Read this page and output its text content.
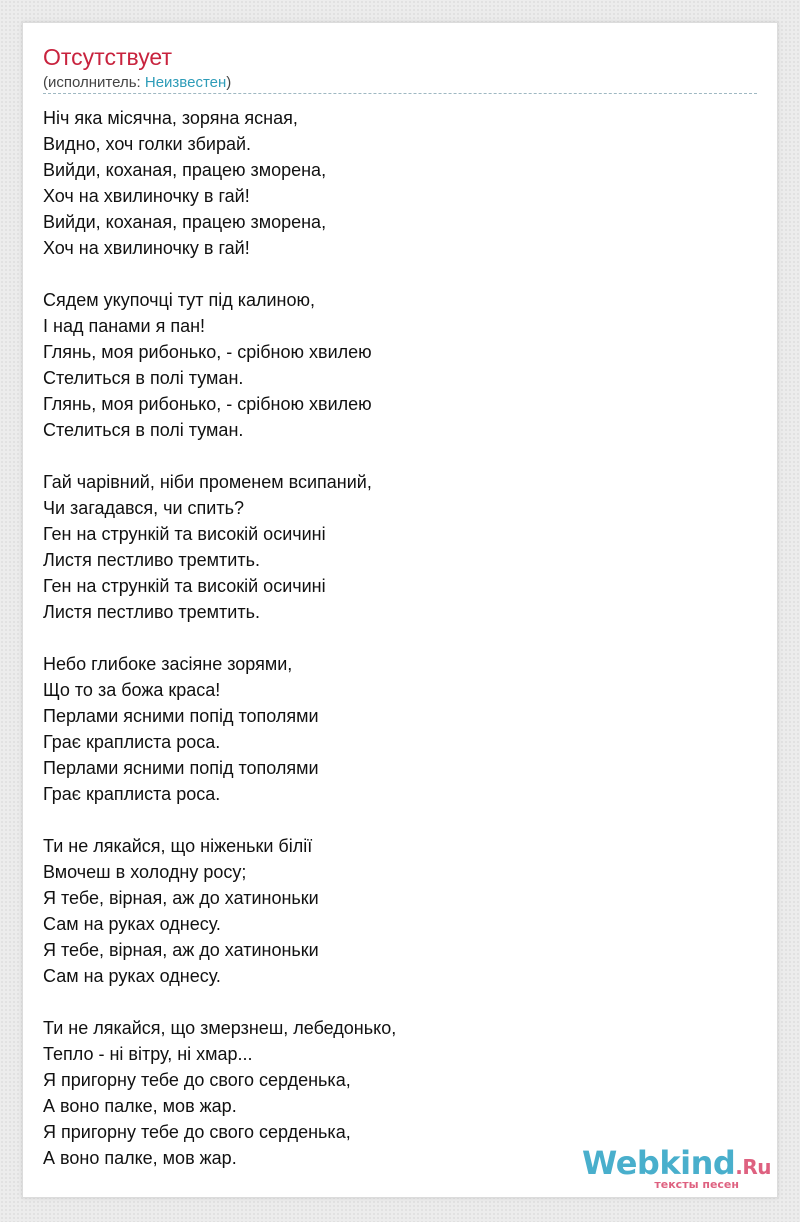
Отсутствует
(исполнитель: Неизвестен)
Ніч яка місячна, зоряна ясная,
Видно, хоч голки збирай.
Вийди, коханая, працею зморена,
Хоч на хвилиночку в гай!
Вийди, коханая, працею зморена,
Хоч на хвилиночку в гай!
Сядем укупочці тут під калиною,
І над панами я пан!
Глянь, моя рибонько, - срібною хвилею
Стелиться в полі туман.
Глянь, моя рибонько, - срібною хвилею
Стелиться в полі туман.
Гай чарівний, ніби променем всипаний,
Чи загадався, чи спить?
Ген на стрункій та високій осичині
Листя пестливо тремтить.
Ген на стрункій та високій осичині
Листя пестливо тремтить.
Небо глибоке засіяне зорями,
Що то за божа краса!
Перлами ясними попід тополями
Грає краплиста роса.
Перлами ясними попід тополями
Грає краплиста роса.
Ти не лякайся, що ніженьки білії
Вмочеш в холодну росу;
Я тебе, вірная, аж до хатиноньки
Сам на руках однесу.
Я тебе, вірная, аж до хатиноньки
Сам на руках однесу.
Ти не лякайся, що змерзнеш, лебедонько,
Тепло - ні вітру, ні хмар...
Я пригорну тебе до свого серденька,
А воно палке, мов жар.
Я пригорну тебе до свого серденька,
А воно палке, мов жар.	Webkind.Ru
тексты песен
